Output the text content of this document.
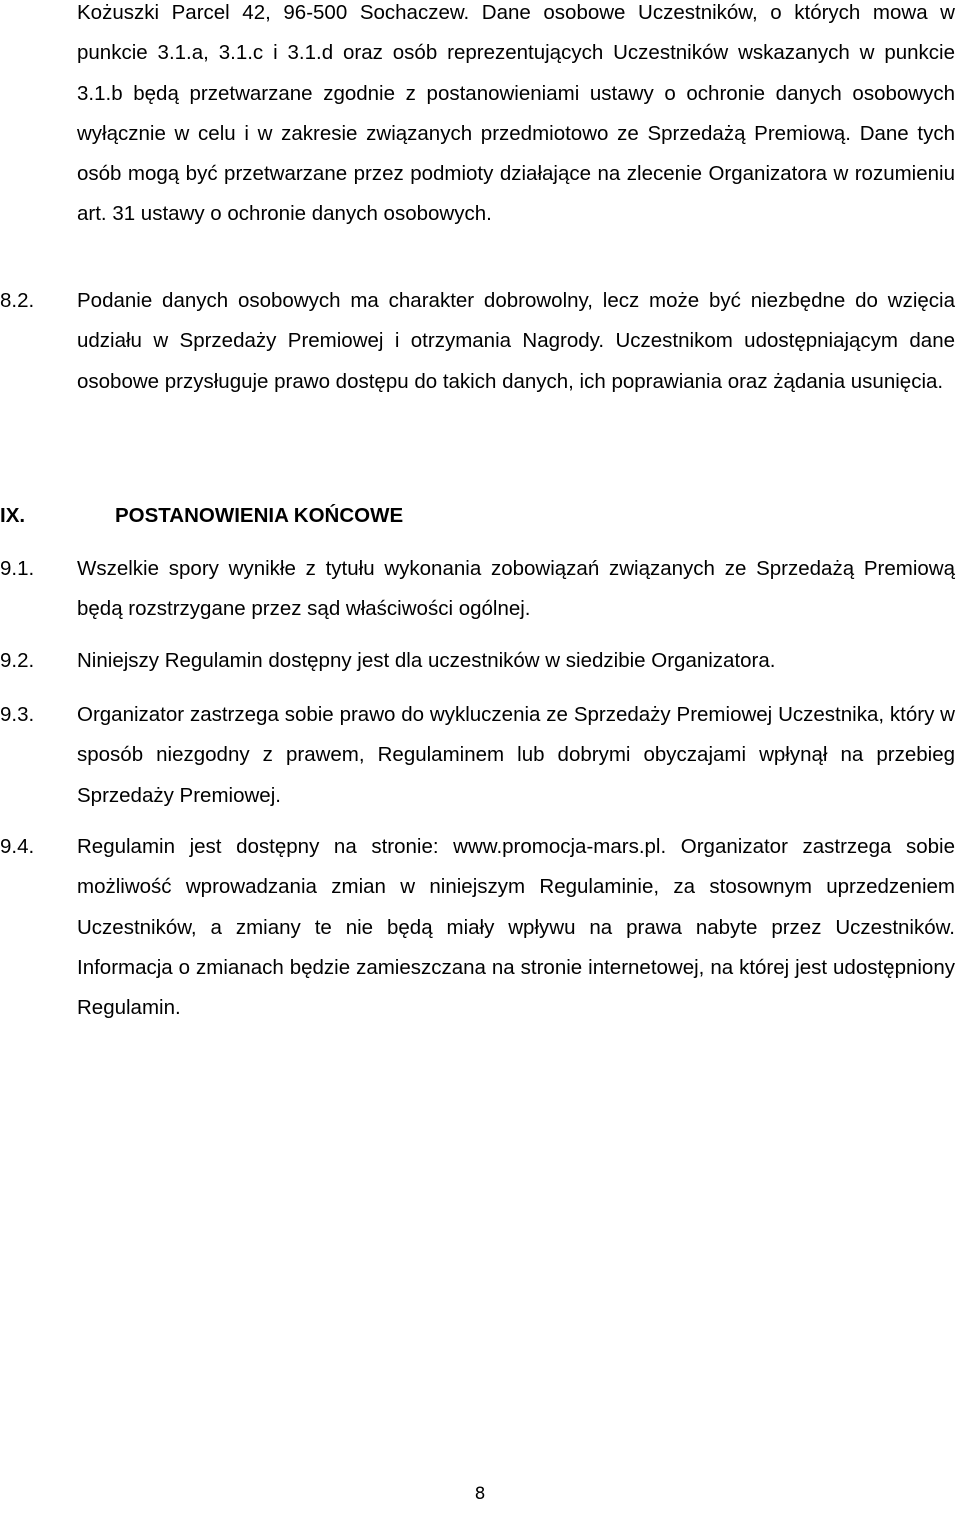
Kożuszki Parcel 42, 96-500 Sochaczew. Dane osobowe Uczestników, o których mowa w punkcie 3.1.a, 3.1.c i 3.1.d oraz osób reprezentujących Uczestników wskazanych w punkcie 3.1.b będą przetwarzane zgodnie z postanowieniami ustawy o ochronie danych osobowych wyłącznie w celu i w zakresie związanych przedmiotowo ze Sprzedażą Premiową. Dane tych osób mogą być przetwarzane przez podmioty działające na zlecenie Organizatora w rozumieniu art. 31 ustawy o ochronie danych osobowych.

8.2. Podanie danych osobowych ma charakter dobrowolny, lecz może być niezbędne do wzięcia udziału w Sprzedaży Premiowej i otrzymania Nagrody. Uczestnikom udostępniającym dane osobowe przysługuje prawo dostępu do takich danych, ich poprawiania oraz żądania usunięcia.

IX.	POSTANOWIENIA KOŃCOWE
9.1. Wszelkie spory wynikłe z tytułu wykonania zobowiązań związanych ze Sprzedażą Premiową będą rozstrzygane przez sąd właściwości ogólnej.

9.2. Niniejszy Regulamin dostępny jest dla uczestników w siedzibie Organizatora.

9.3. Organizator zastrzega sobie prawo do wykluczenia ze Sprzedaży Premiowej Uczestnika, który w sposób niezgodny z prawem, Regulaminem lub dobrymi obyczajami wpłynął na przebieg Sprzedaży Premiowej.

9.4. Regulamin jest dostępny na stronie: www.promocja-mars.pl. Organizator zastrzega sobie możliwość wprowadzania zmian w niniejszym Regulaminie, za stosownym uprzedzeniem Uczestników, a zmiany te nie będą miały wpływu na prawa nabyte przez Uczestników. Informacja o zmianach będzie zamieszczana na stronie internetowej, na której jest udostępniony Regulamin.

8
